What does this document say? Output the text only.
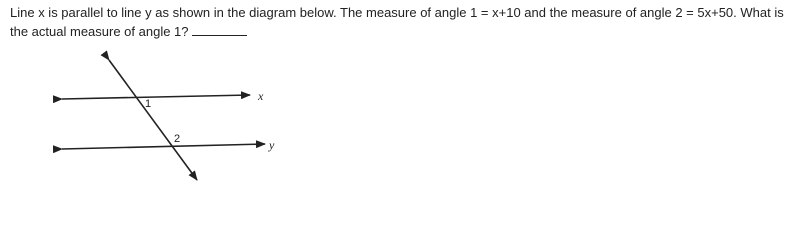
Line x is parallel to line y as shown in the diagram below. The measure of angle 1 = x+10 and the measure of angle 2 = 5x+50. What is the actual measure of angle 1?

x
y
1
2
